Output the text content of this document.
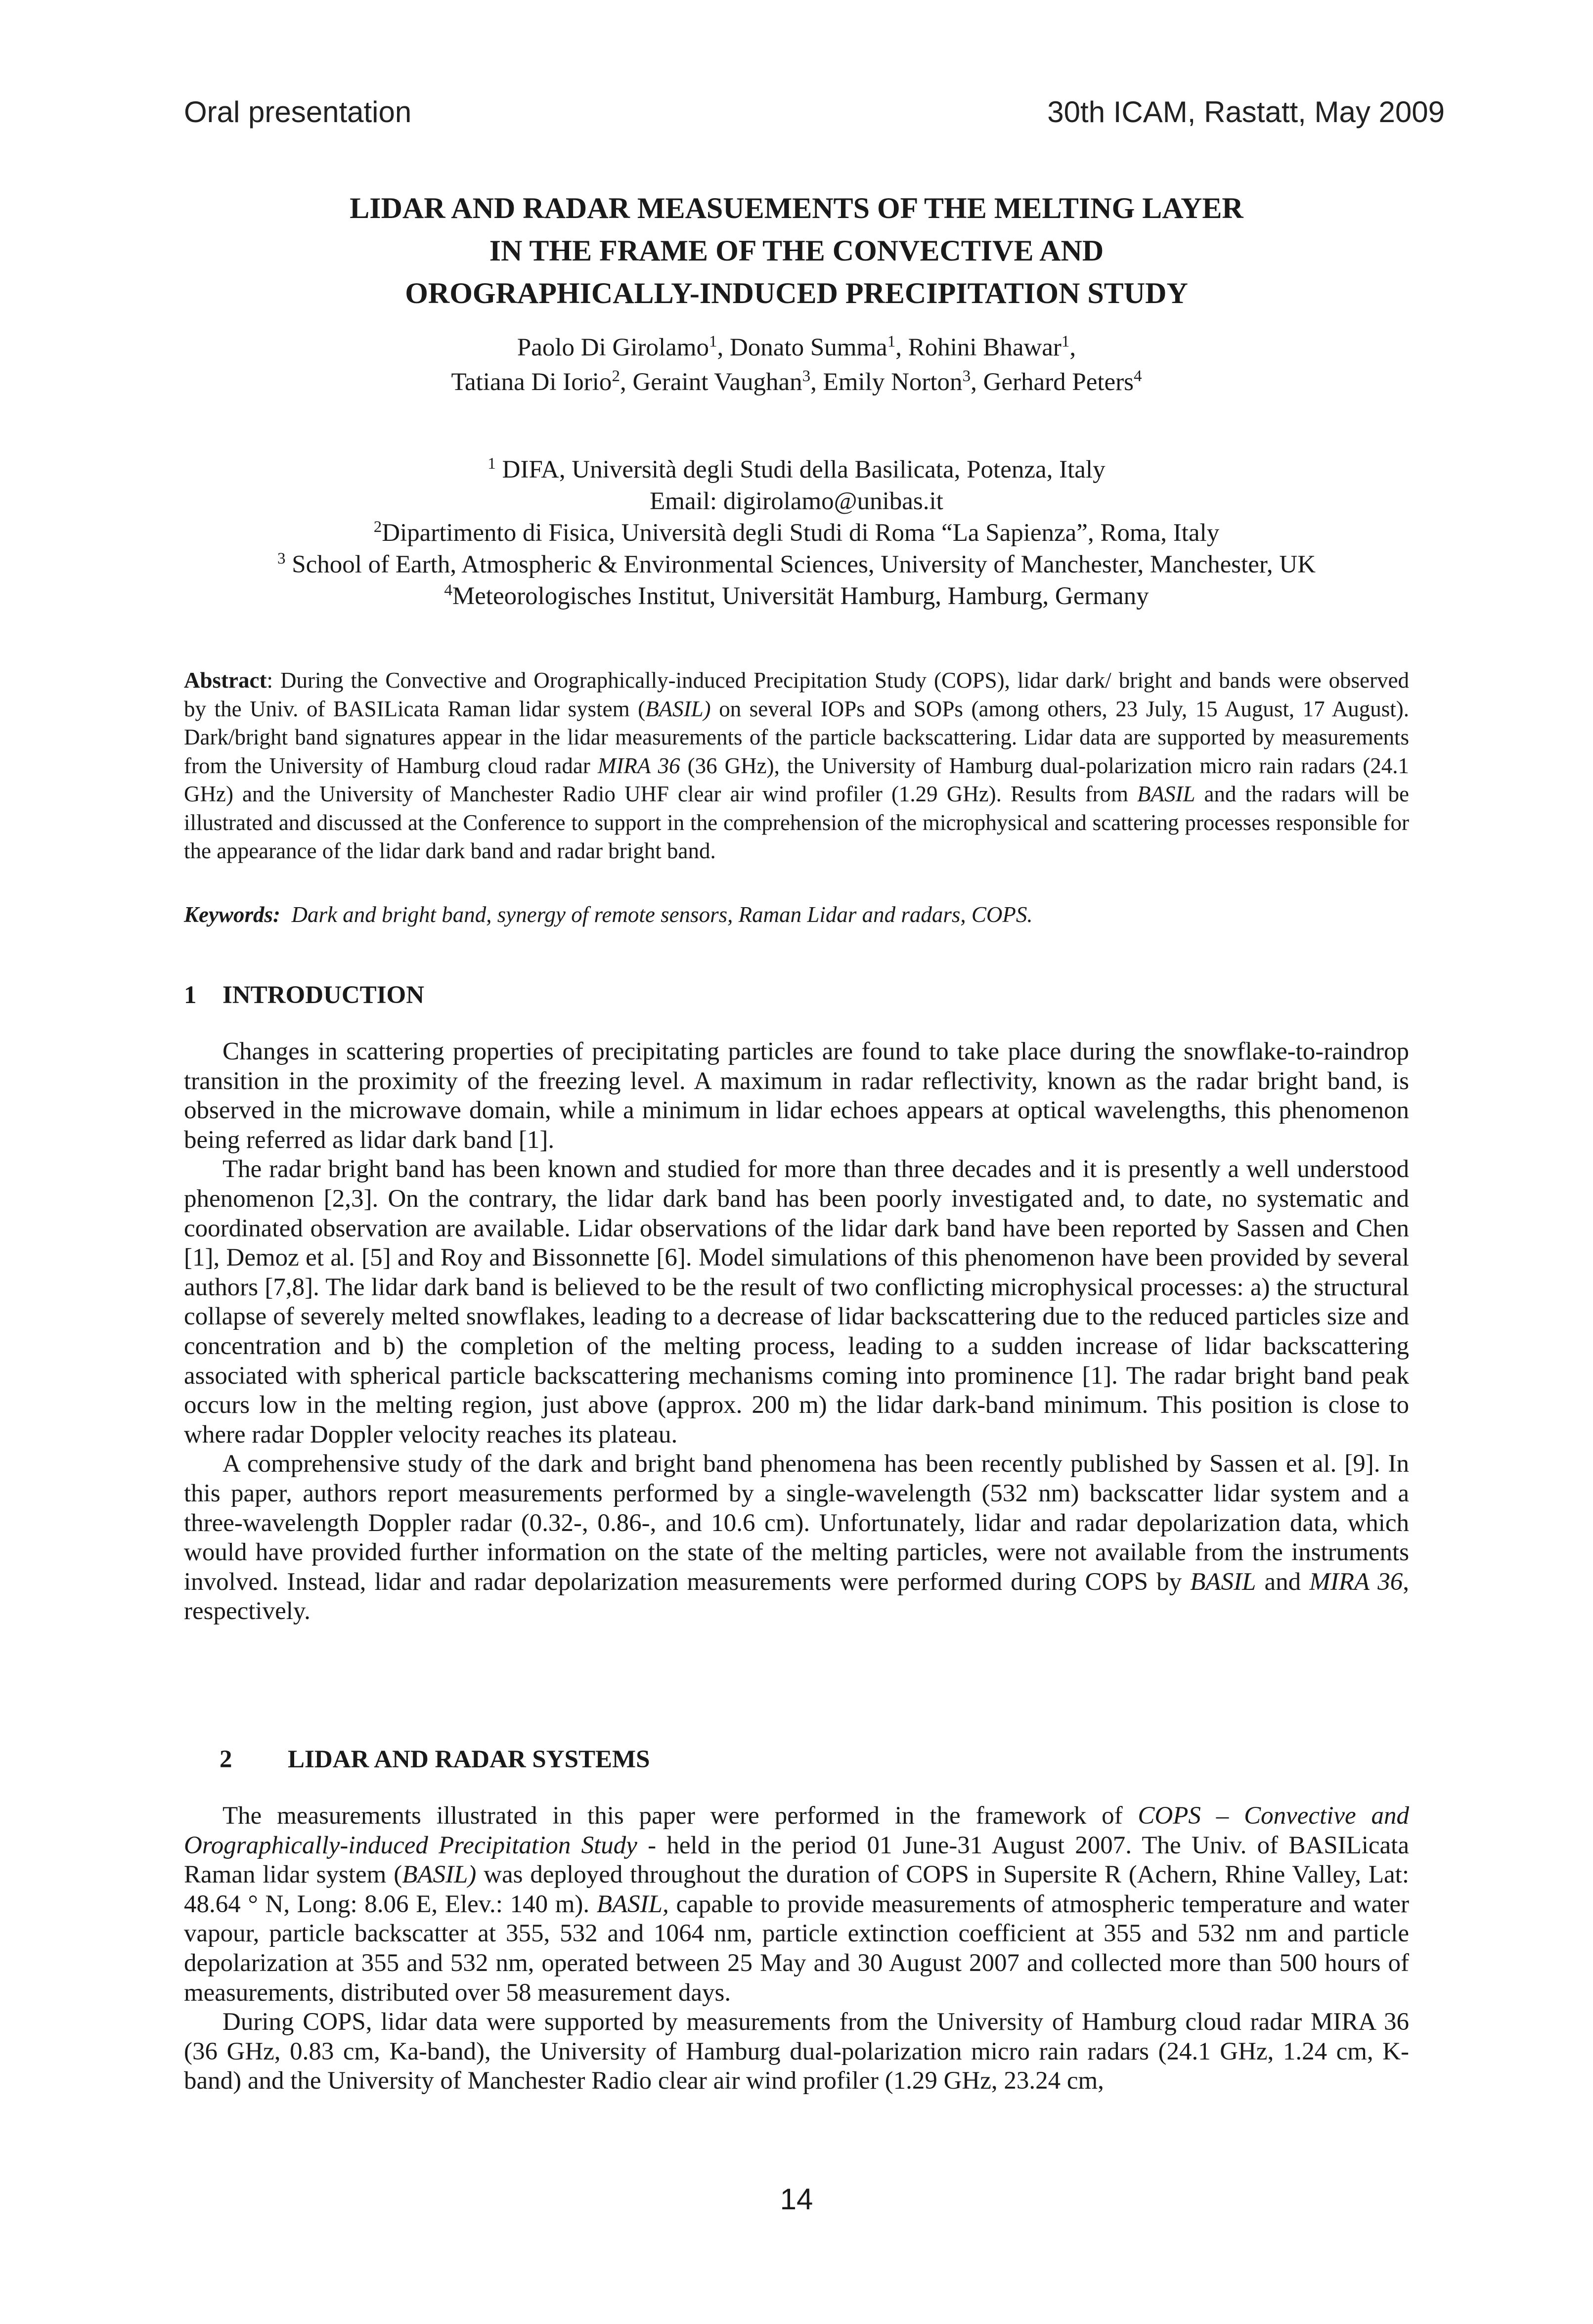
Oral presentation	30th ICAM, Rastatt, May 2009
LIDAR AND RADAR MEASUEMENTS OF THE MELTING LAYER
IN THE FRAME OF THE CONVECTIVE AND
OROGRAPHICALLY-INDUCED PRECIPITATION STUDY
Paolo Di Girolamo$^1$, Donato Summa$^1$, Rohini Bhawar$^1$,
Tatiana Di Iorio$^2$, Geraint Vaughan$^3$, Emily Norton$^3$, Gerhard Peters$^4$
$^1$ DIFA, Università degli Studi della Basilicata, Potenza, Italy
Email: digirolamo@unibas.it
$^2$Dipartimento di Fisica, Università degli Studi di Roma “La Sapienza”, Roma, Italy
$^3$ School of Earth, Atmospheric & Environmental Sciences, University of Manchester, Manchester, UK
$^4$Meteorologisches Institut, Universität Hamburg, Hamburg, Germany
Abstract: During the Convective and Orographically-induced Precipitation Study (COPS), lidar dark/ bright and bands were observed by the Univ. of BASILicata Raman lidar system (BASIL) on several IOPs and SOPs (among others, 23 July, 15 August, 17 August). Dark/bright band signatures appear in the lidar measurements of the particle backscattering. Lidar data are supported by measurements from the University of Hamburg cloud radar MIRA 36 (36 GHz), the University of Hamburg dual-polarization micro rain radars (24.1 GHz) and the University of Manchester Radio UHF clear air wind profiler (1.29 GHz). Results from BASIL and the radars will be illustrated and discussed at the Conference to support in the comprehension of the microphysical and scattering processes responsible for the appearance of the lidar dark band and radar bright band.
Keywords: Dark and bright band, synergy of remote sensors, Raman Lidar and radars, COPS.
1 INTRODUCTION

Changes in scattering properties of precipitating particles are found to take place during the snowflake-to-raindrop transition in the proximity of the freezing level. A maximum in radar reflectivity, known as the radar bright band, is observed in the microwave domain, while a minimum in lidar echoes appears at optical wavelengths, this phenomenon being referred as lidar dark band [1].

The radar bright band has been known and studied for more than three decades and it is presently a well understood phenomenon [2,3]. On the contrary, the lidar dark band has been poorly investigated and, to date, no systematic and coordinated observation are available. Lidar observations of the lidar dark band have been reported by Sassen and Chen [1], Demoz et al. [5] and Roy and Bissonnette [6]. Model simulations of this phenomenon have been provided by several authors [7,8]. The lidar dark band is believed to be the result of two conflicting microphysical processes: a) the structural collapse of severely melted snowflakes, leading to a decrease of lidar backscattering due to the reduced particles size and concentration and b) the completion of the melting process, leading to a sudden increase of lidar backscattering associated with spherical particle backscattering mechanisms coming into prominence [1]. The radar bright band peak occurs low in the melting region, just above (approx. 200 m) the lidar dark-band minimum. This position is close to where radar Doppler velocity reaches its plateau.

A comprehensive study of the dark and bright band phenomena has been recently published by Sassen et al. [9]. In this paper, authors report measurements performed by a single-wavelength (532 nm) backscatter lidar system and a three-wavelength Doppler radar (0.32-, 0.86-, and 10.6 cm). Unfortunately, lidar and radar depolarization data, which would have provided further information on the state of the melting particles, were not available from the instruments involved. Instead, lidar and radar depolarization measurements were performed during COPS by BASIL and MIRA 36, respectively.

2 LIDAR AND RADAR SYSTEMS

The measurements illustrated in this paper were performed in the framework of COPS – Convective and Orographically-induced Precipitation Study - held in the period 01 June-31 August 2007. The Univ. of BASILicata Raman lidar system (BASIL) was deployed throughout the duration of COPS in Supersite R (Achern, Rhine Valley, Lat: 48.64 ° N, Long: 8.06 E, Elev.: 140 m). BASIL, capable to provide measurements of atmospheric temperature and water vapour, particle backscatter at 355, 532 and 1064 nm, particle extinction coefficient at 355 and 532 nm and particle depolarization at 355 and 532 nm, operated between 25 May and 30 August 2007 and collected more than 500 hours of measurements, distributed over 58 measurement days.

During COPS, lidar data were supported by measurements from the University of Hamburg cloud radar MIRA 36 (36 GHz, 0.83 cm, Ka-band), the University of Hamburg dual-polarization micro rain radars (24.1 GHz, 1.24 cm, K-band) and the University of Manchester Radio clear air wind profiler (1.29 GHz, 23.24 cm,

14
